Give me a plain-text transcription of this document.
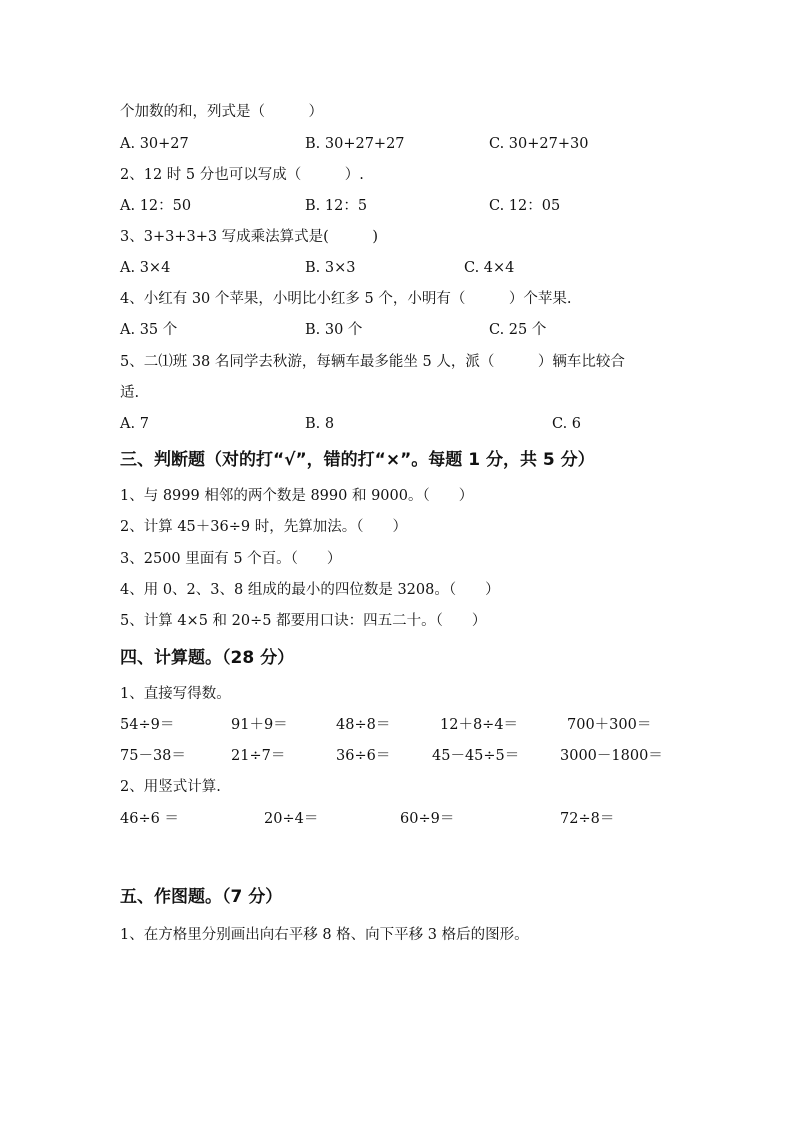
个加数的和，列式是（　　　）
A. 30+27	B. 30+27+27	C. 30+27+30
2、12 时 5 分也可以写成（　　　）.
A. 12：50	B. 12：5	C. 12：05
3、3+3+3+3 写成乘法算式是(　　　)
A. 3×4	B. 3×3	C. 4×4
4、小红有 30 个苹果，小明比小红多 5 个，小明有（　　　）个苹果.
A. 35 个	B. 30 个	C. 25 个
5、二⑴班 38 名同学去秋游，每辆车最多能坐 5 人，派（　　　）辆车比较合
适.
A. 7	B. 8	C. 6
三、判断题（对的打“√”，错的打“×”。每题 1 分，共 5 分）
1、与 8999 相邻的两个数是 8990 和 9000。（　　）
2、计算 45＋36÷9 时，先算加法。（　　）
3、2500 里面有 5 个百。（　　）
4、用 0、2、3、8 组成的最小的四位数是 3208。（　　）
5、计算 4×5 和 20÷5 都要用口诀：四五二十。（　　）
四、计算题。（28 分）
1、直接写得数。
54÷9＝	91＋9＝	48÷8＝	12＋8÷4＝	700＋300＝
75－38＝	21÷7＝	36÷6＝	45－45÷5＝	3000－1800＝
2、用竖式计算.
46÷6 ＝	20÷4＝	60÷9＝	72÷8＝
五、作图题。（7 分）
1、在方格里分别画出向右平移 8 格、向下平移 3 格后的图形。
